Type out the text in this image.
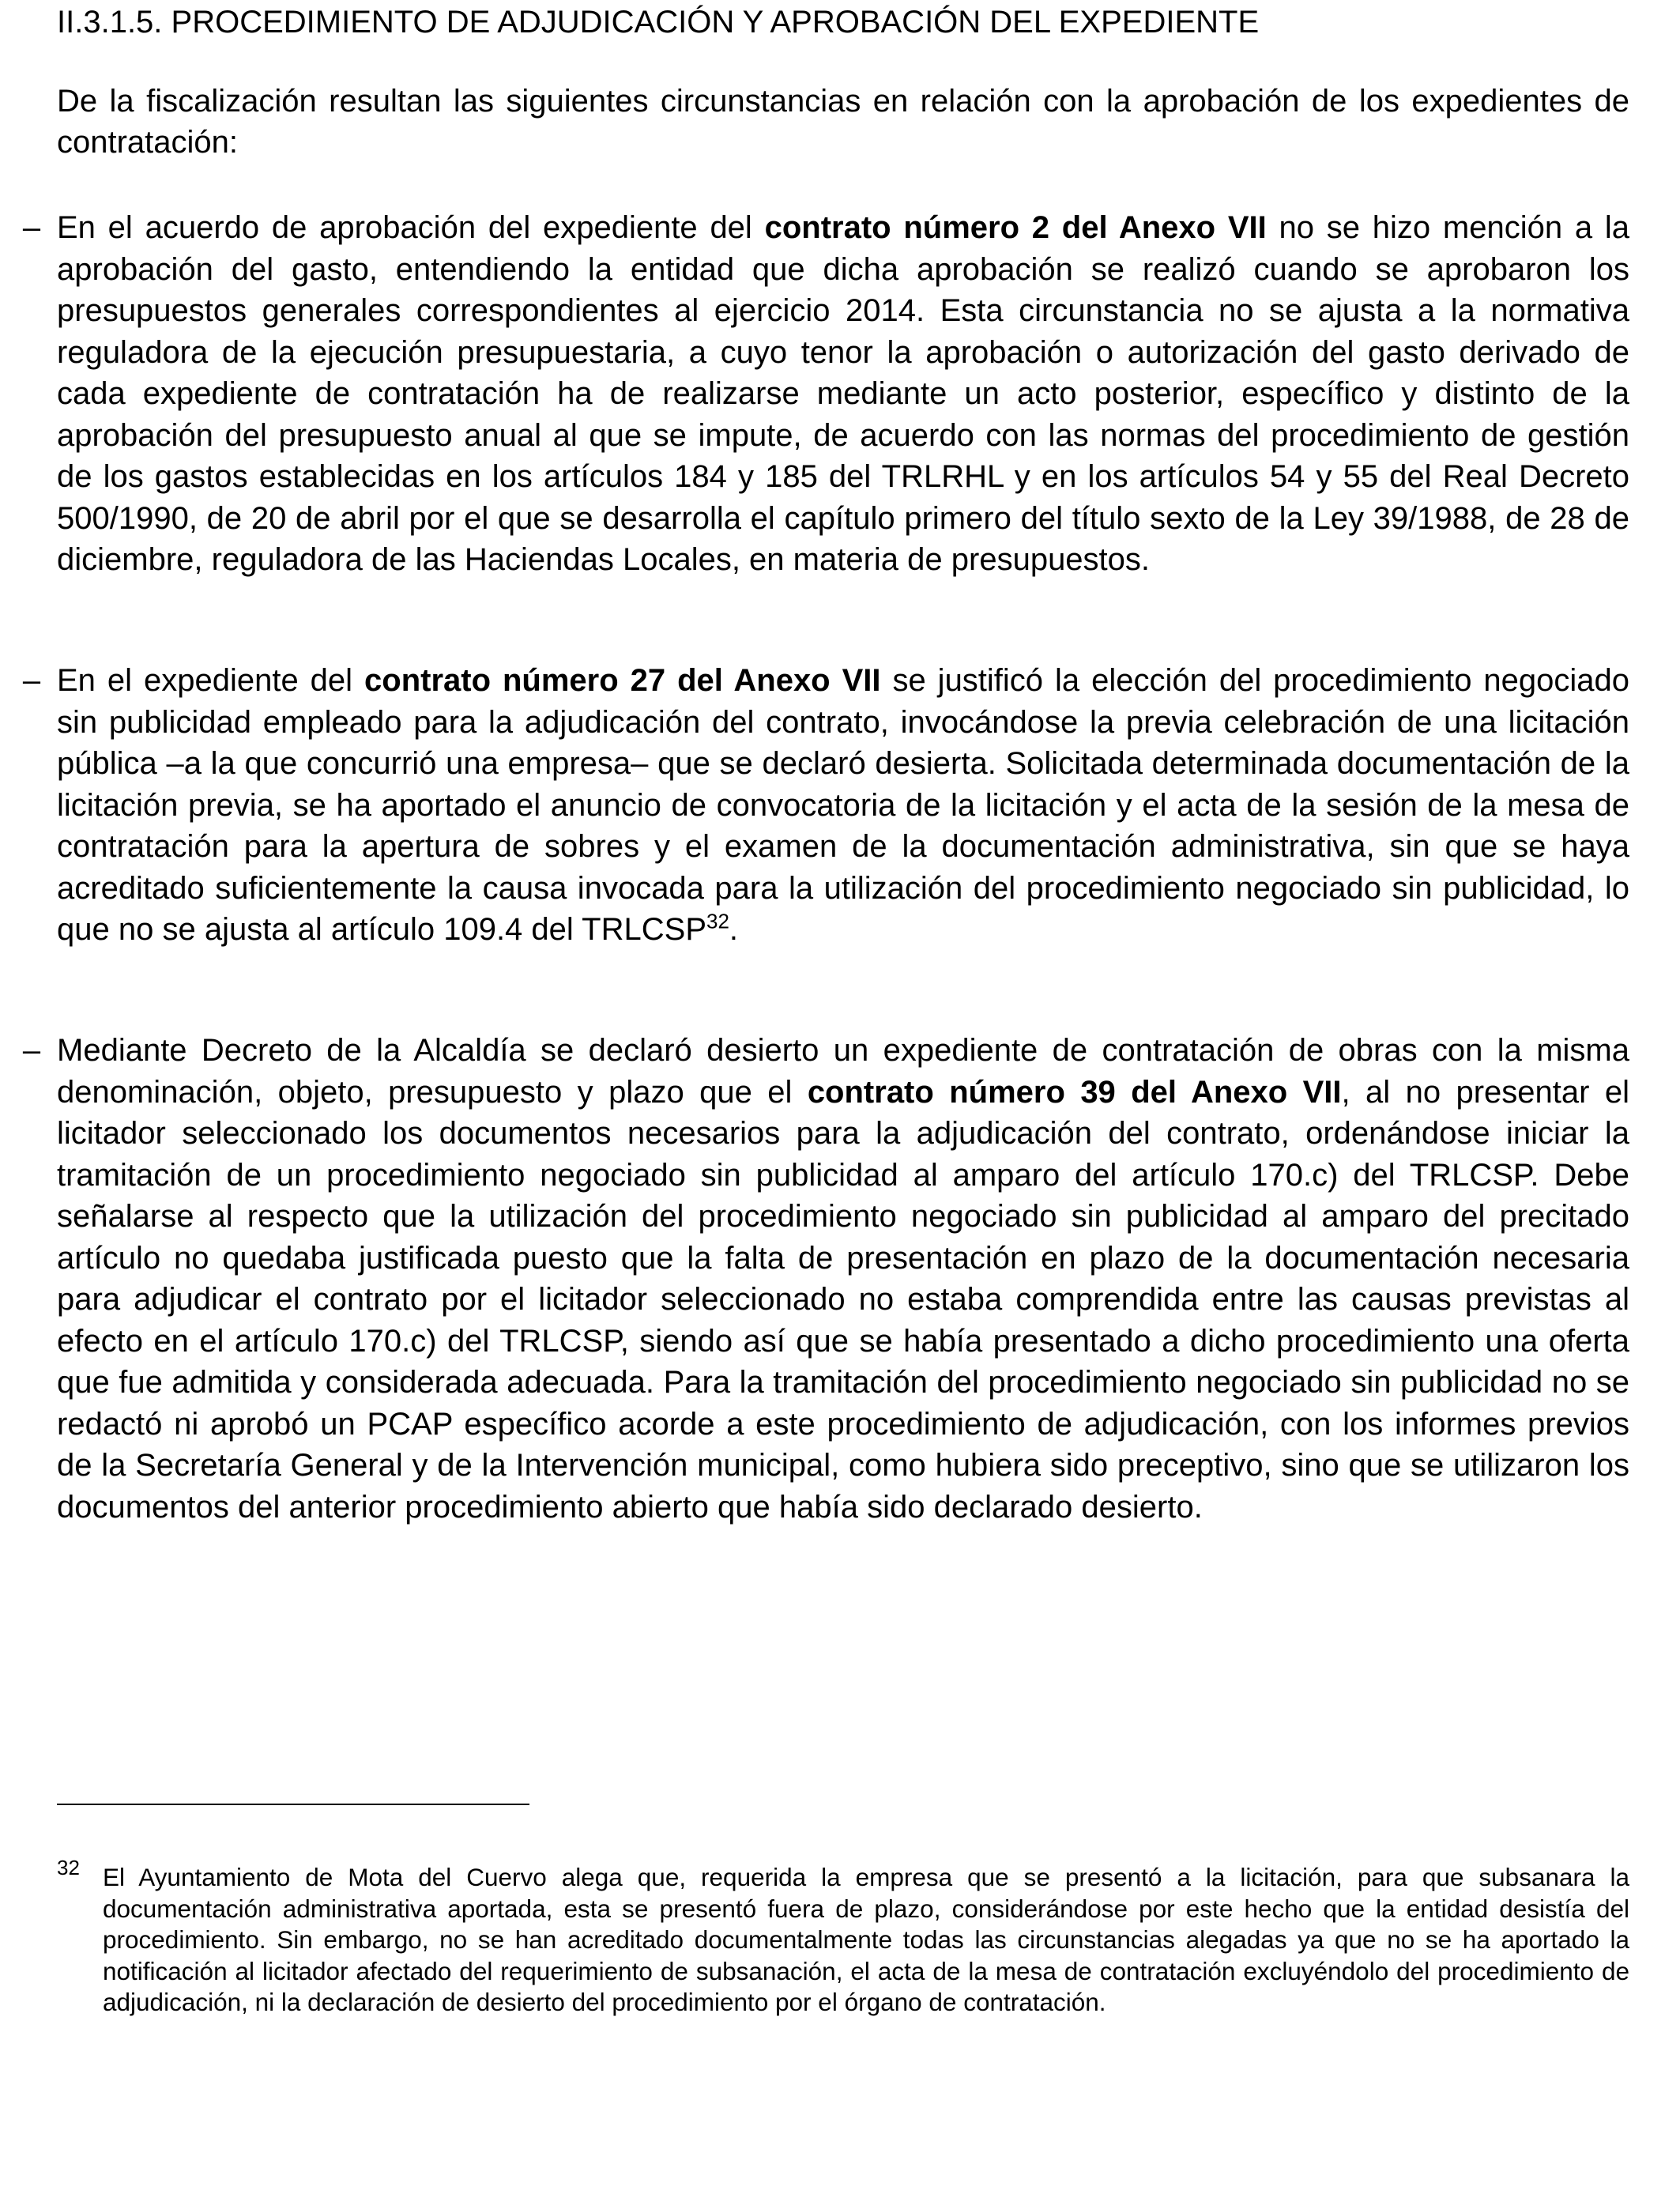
II.3.1.5. PROCEDIMIENTO DE ADJUDICACIÓN Y APROBACIÓN DEL EXPEDIENTE

De la fiscalización resultan las siguientes circunstancias en relación con la aprobación de los expedientes de contratación:

– En el acuerdo de aprobación del expediente del contrato número 2 del Anexo VII no se hizo mención a la aprobación del gasto, entendiendo la entidad que dicha aprobación se realizó cuando se aprobaron los presupuestos generales correspondientes al ejercicio 2014. Esta circunstancia no se ajusta a la normativa reguladora de la ejecución presupuestaria, a cuyo tenor la aprobación o autorización del gasto derivado de cada expediente de contratación ha de realizarse mediante un acto posterior, específico y distinto de la aprobación del presupuesto anual al que se impute, de acuerdo con las normas del procedimiento de gestión de los gastos establecidas en los artículos 184 y 185 del TRLRHL y en los artículos 54 y 55 del Real Decreto 500/1990, de 20 de abril por el que se desarrolla el capítulo primero del título sexto de la Ley 39/1988, de 28 de diciembre, reguladora de las Haciendas Locales, en materia de presupuestos.

– En el expediente del contrato número 27 del Anexo VII se justificó la elección del procedimiento negociado sin publicidad empleado para la adjudicación del contrato, invocándose la previa celebración de una licitación pública –a la que concurrió una empresa– que se declaró desierta. Solicitada determinada documentación de la licitación previa, se ha aportado el anuncio de convocatoria de la licitación y el acta de la sesión de la mesa de contratación para la apertura de sobres y el examen de la documentación administrativa, sin que se haya acreditado suficientemente la causa invocada para la utilización del procedimiento negociado sin publicidad, lo que no se ajusta al artículo 109.4 del TRLCSP$^{32}$.

– Mediante Decreto de la Alcaldía se declaró desierto un expediente de contratación de obras con la misma denominación, objeto, presupuesto y plazo que el contrato número 39 del Anexo VII, al no presentar el licitador seleccionado los documentos necesarios para la adjudicación del contrato, ordenándose iniciar la tramitación de un procedimiento negociado sin publicidad al amparo del artículo 170.c) del TRLCSP. Debe señalarse al respecto que la utilización del procedimiento negociado sin publicidad al amparo del precitado artículo no quedaba justificada puesto que la falta de presentación en plazo de la documentación necesaria para adjudicar el contrato por el licitador seleccionado no estaba comprendida entre las causas previstas al efecto en el artículo 170.c) del TRLCSP, siendo así que se había presentado a dicho procedimiento una oferta que fue admitida y considerada adecuada. Para la tramitación del procedimiento negociado sin publicidad no se redactó ni aprobó un PCAP específico acorde a este procedimiento de adjudicación, con los informes previos de la Secretaría General y de la Intervención municipal, como hubiera sido preceptivo, sino que se utilizaron los documentos del anterior procedimiento abierto que había sido declarado desierto.

32 El Ayuntamiento de Mota del Cuervo alega que, requerida la empresa que se presentó a la licitación, para que subsanara la documentación administrativa aportada, esta se presentó fuera de plazo, considerándose por este hecho que la entidad desistía del procedimiento. Sin embargo, no se han acreditado documentalmente todas las circunstancias alegadas ya que no se ha aportado la notificación al licitador afectado del requerimiento de subsanación, el acta de la mesa de contratación excluyéndolo del procedimiento de adjudicación, ni la declaración de desierto del procedimiento por el órgano de contratación.
